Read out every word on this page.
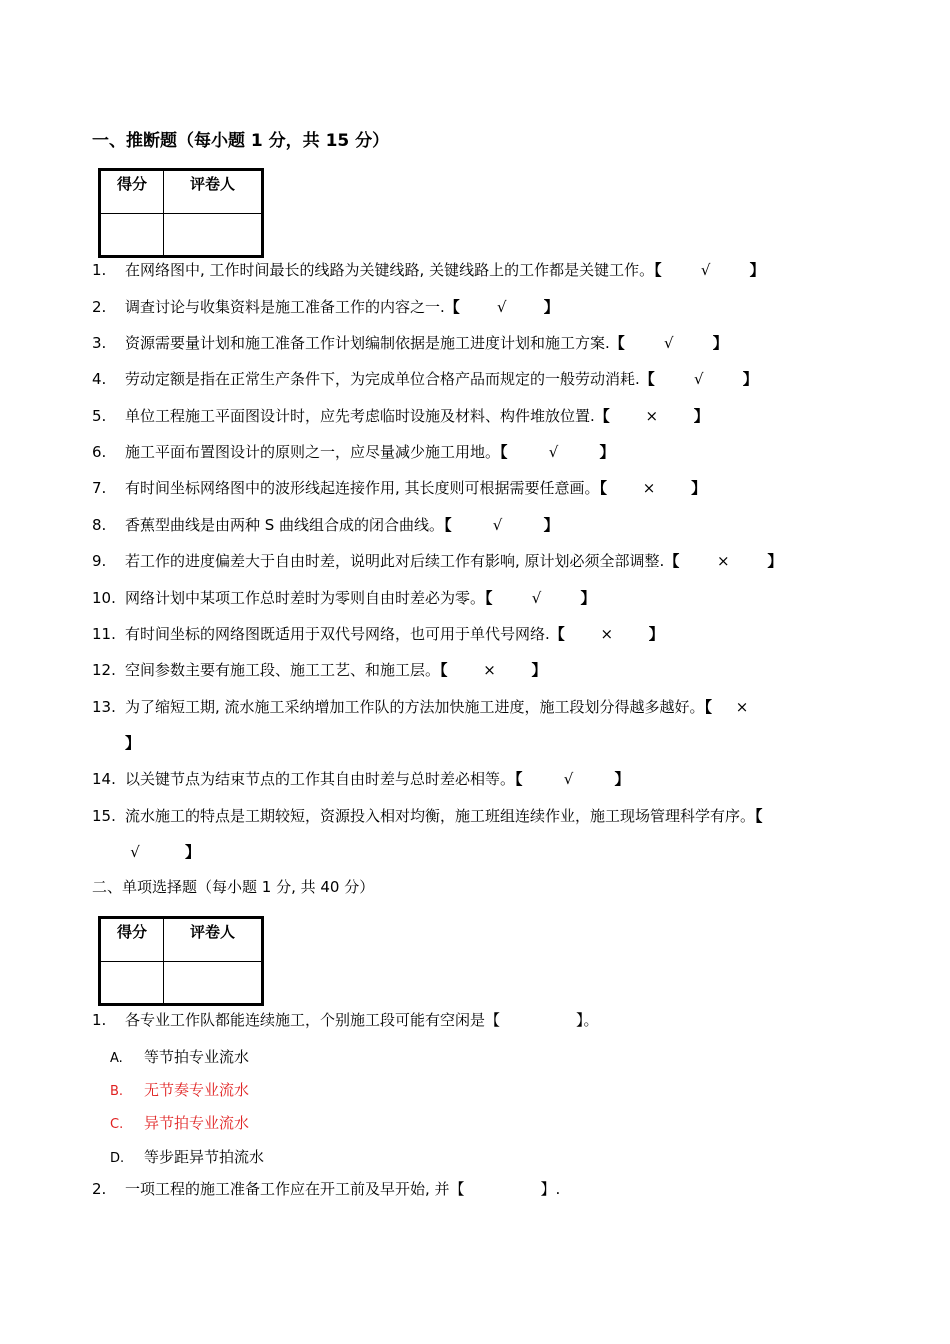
一、推断题（每小题 1 分，共 15 分）
得分	评卷人

1. 在网络图中, 工作时间最长的线路为关键线路, 关键线路上的工作都是关键工作。【	√	】
2. 调查讨论与收集资料是施工准备工作的内容之一.【 √ 】
3. 资源需要量计划和施工准备工作计划编制依据是施工进度计划和施工方案.【	√	】
4. 劳动定额是指在正常生产条件下，为完成单位合格产品而规定的一般劳动消耗.【	√	】
5. 单位工程施工平面图设计时，应先考虑临时设施及材料、构件堆放位置.【 × 】
6. 施工平面布置图设计的原则之一，应尽量减少施工用地。【	√	】
7. 有时间坐标网络图中的波形线起连接作用, 其长度则可根据需要任意画。【 × 】
8. 香蕉型曲线是由两种 S 曲线组合成的闭合曲线。【	√	】
9. 若工作的进度偏差大于自由时差，说明此对后续工作有影响, 原计划必须全部调整.【	×	】
10. 网络计划中某项工作总时差时为零则自由时差必为零。【	√	】
11. 有时间坐标的网络图既适用于双代号网络，也可用于单代号网络.【 × 】
12. 空间参数主要有施工段、施工工艺、和施工层。【 × 】
13. 为了缩短工期, 流水施工采纳增加工作队的方法加快施工进度，施工段划分得越多越好。【 ×
】
14. 以关键节点为结束节点的工作其自由时差与总时差必相等。【	√	】
15. 流水施工的特点是工期较短，资源投入相对均衡，施工班组连续作业，施工现场管理科学有序。【
√	】
二、单项选择题（每小题 1 分, 共 40 分）
得分	评卷人

1. 各专业工作队都能连续施工，个别施工段可能有空闲是【	】。
A. 等节拍专业流水
B. 无节奏专业流水
C. 异节拍专业流水
D. 等步距异节拍流水
2. 一项工程的施工准备工作应在开工前及早开始, 并【	】.
